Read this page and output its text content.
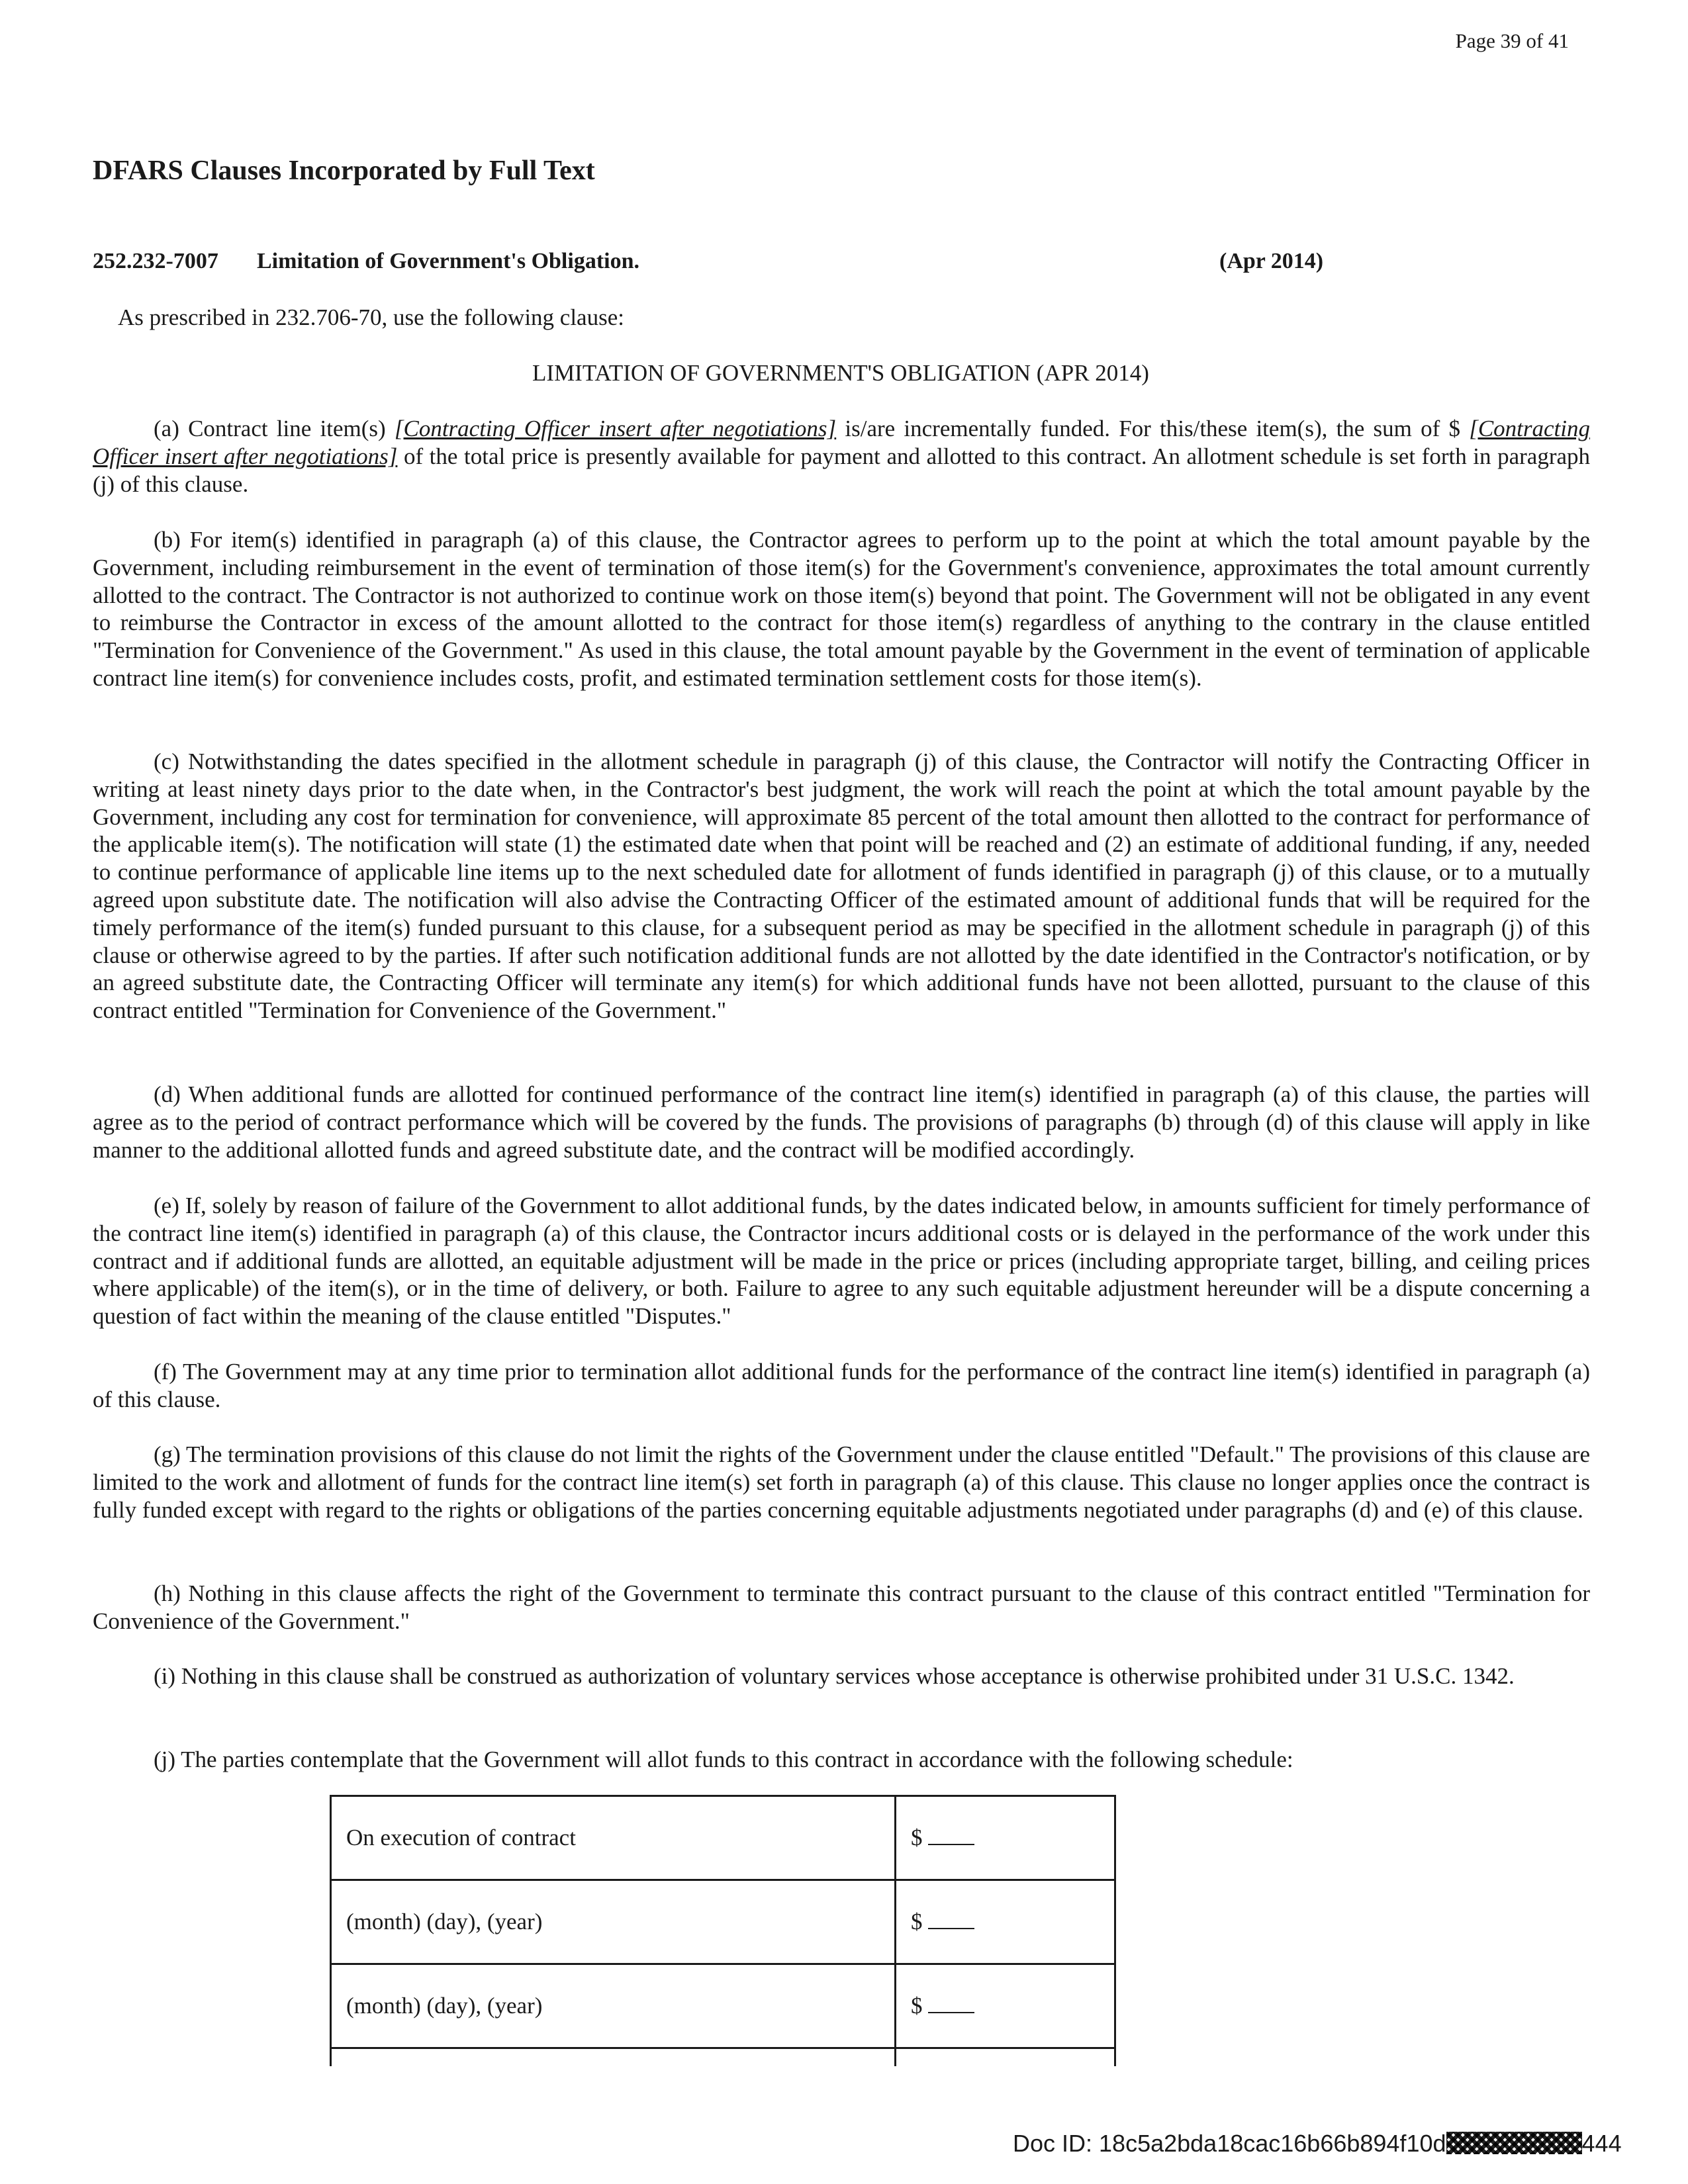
Page 39 of 41
DFARS Clauses Incorporated by Full Text
252.232-7007 Limitation of Government's Obligation.	(Apr 2014)
As prescribed in 232.706-70, use the following clause:
LIMITATION OF GOVERNMENT'S OBLIGATION (APR 2014)

(a) Contract line item(s) [Contracting Officer insert after negotiations] is/are incrementally funded. For this/these item(s), the sum of $ [Contracting Officer insert after negotiations] of the total price is presently available for payment and allotted to this contract. An allotment schedule is set forth in paragraph (j) of this clause.

(b) For item(s) identified in paragraph (a) of this clause, the Contractor agrees to perform up to the point at which the total amount payable by the Government, including reimbursement in the event of termination of those item(s) for the Government's convenience, approximates the total amount currently allotted to the contract. The Contractor is not authorized to continue work on those item(s) beyond that point. The Government will not be obligated in any event to reimburse the Contractor in excess of the amount allotted to the contract for those item(s) regardless of anything to the contrary in the clause entitled "Termination for Convenience of the Government." As used in this clause, the total amount payable by the Government in the event of termination of applicable contract line item(s) for convenience includes costs, profit, and estimated termination settlement costs for those item(s).

(c) Notwithstanding the dates specified in the allotment schedule in paragraph (j) of this clause, the Contractor will notify the Contracting Officer in writing at least ninety days prior to the date when, in the Contractor's best judgment, the work will reach the point at which the total amount payable by the Government, including any cost for termination for convenience, will approximate 85 percent of the total amount then allotted to the contract for performance of the applicable item(s). The notification will state (1) the estimated date when that point will be reached and (2) an estimate of additional funding, if any, needed to continue performance of applicable line items up to the next scheduled date for allotment of funds identified in paragraph (j) of this clause, or to a mutually agreed upon substitute date. The notification will also advise the Contracting Officer of the estimated amount of additional funds that will be required for the timely performance of the item(s) funded pursuant to this clause, for a subsequent period as may be specified in the allotment schedule in paragraph (j) of this clause or otherwise agreed to by the parties. If after such notification additional funds are not allotted by the date identified in the Contractor's notification, or by an agreed substitute date, the Contracting Officer will terminate any item(s) for which additional funds have not been allotted, pursuant to the clause of this contract entitled "Termination for Convenience of the Government."

(d) When additional funds are allotted for continued performance of the contract line item(s) identified in paragraph (a) of this clause, the parties will agree as to the period of contract performance which will be covered by the funds. The provisions of paragraphs (b) through (d) of this clause will apply in like manner to the additional allotted funds and agreed substitute date, and the contract will be modified accordingly.

(e) If, solely by reason of failure of the Government to allot additional funds, by the dates indicated below, in amounts sufficient for timely performance of the contract line item(s) identified in paragraph (a) of this clause, the Contractor incurs additional costs or is delayed in the performance of the work under this contract and if additional funds are allotted, an equitable adjustment will be made in the price or prices (including appropriate target, billing, and ceiling prices where applicable) of the item(s), or in the time of delivery, or both. Failure to agree to any such equitable adjustment hereunder will be a dispute concerning a question of fact within the meaning of the clause entitled "Disputes."

(f) The Government may at any time prior to termination allot additional funds for the performance of the contract line item(s) identified in paragraph (a) of this clause.

(g) The termination provisions of this clause do not limit the rights of the Government under the clause entitled "Default." The provisions of this clause are limited to the work and allotment of funds for the contract line item(s) set forth in paragraph (a) of this clause. This clause no longer applies once the contract is fully funded except with regard to the rights or obligations of the parties concerning equitable adjustments negotiated under paragraphs (d) and (e) of this clause.

(h) Nothing in this clause affects the right of the Government to terminate this contract pursuant to the clause of this contract entitled "Termination for Convenience of the Government."

(i) Nothing in this clause shall be construed as authorization of voluntary services whose acceptance is otherwise prohibited under 31 U.S.C. 1342.

(j) The parties contemplate that the Government will allot funds to this contract in accordance with the following schedule:

On execution of contract	$
(month) (day), (year)	$
(month) (day), (year)	$

Doc ID: 18c5a2bda18cac16b66b894f10d	444
